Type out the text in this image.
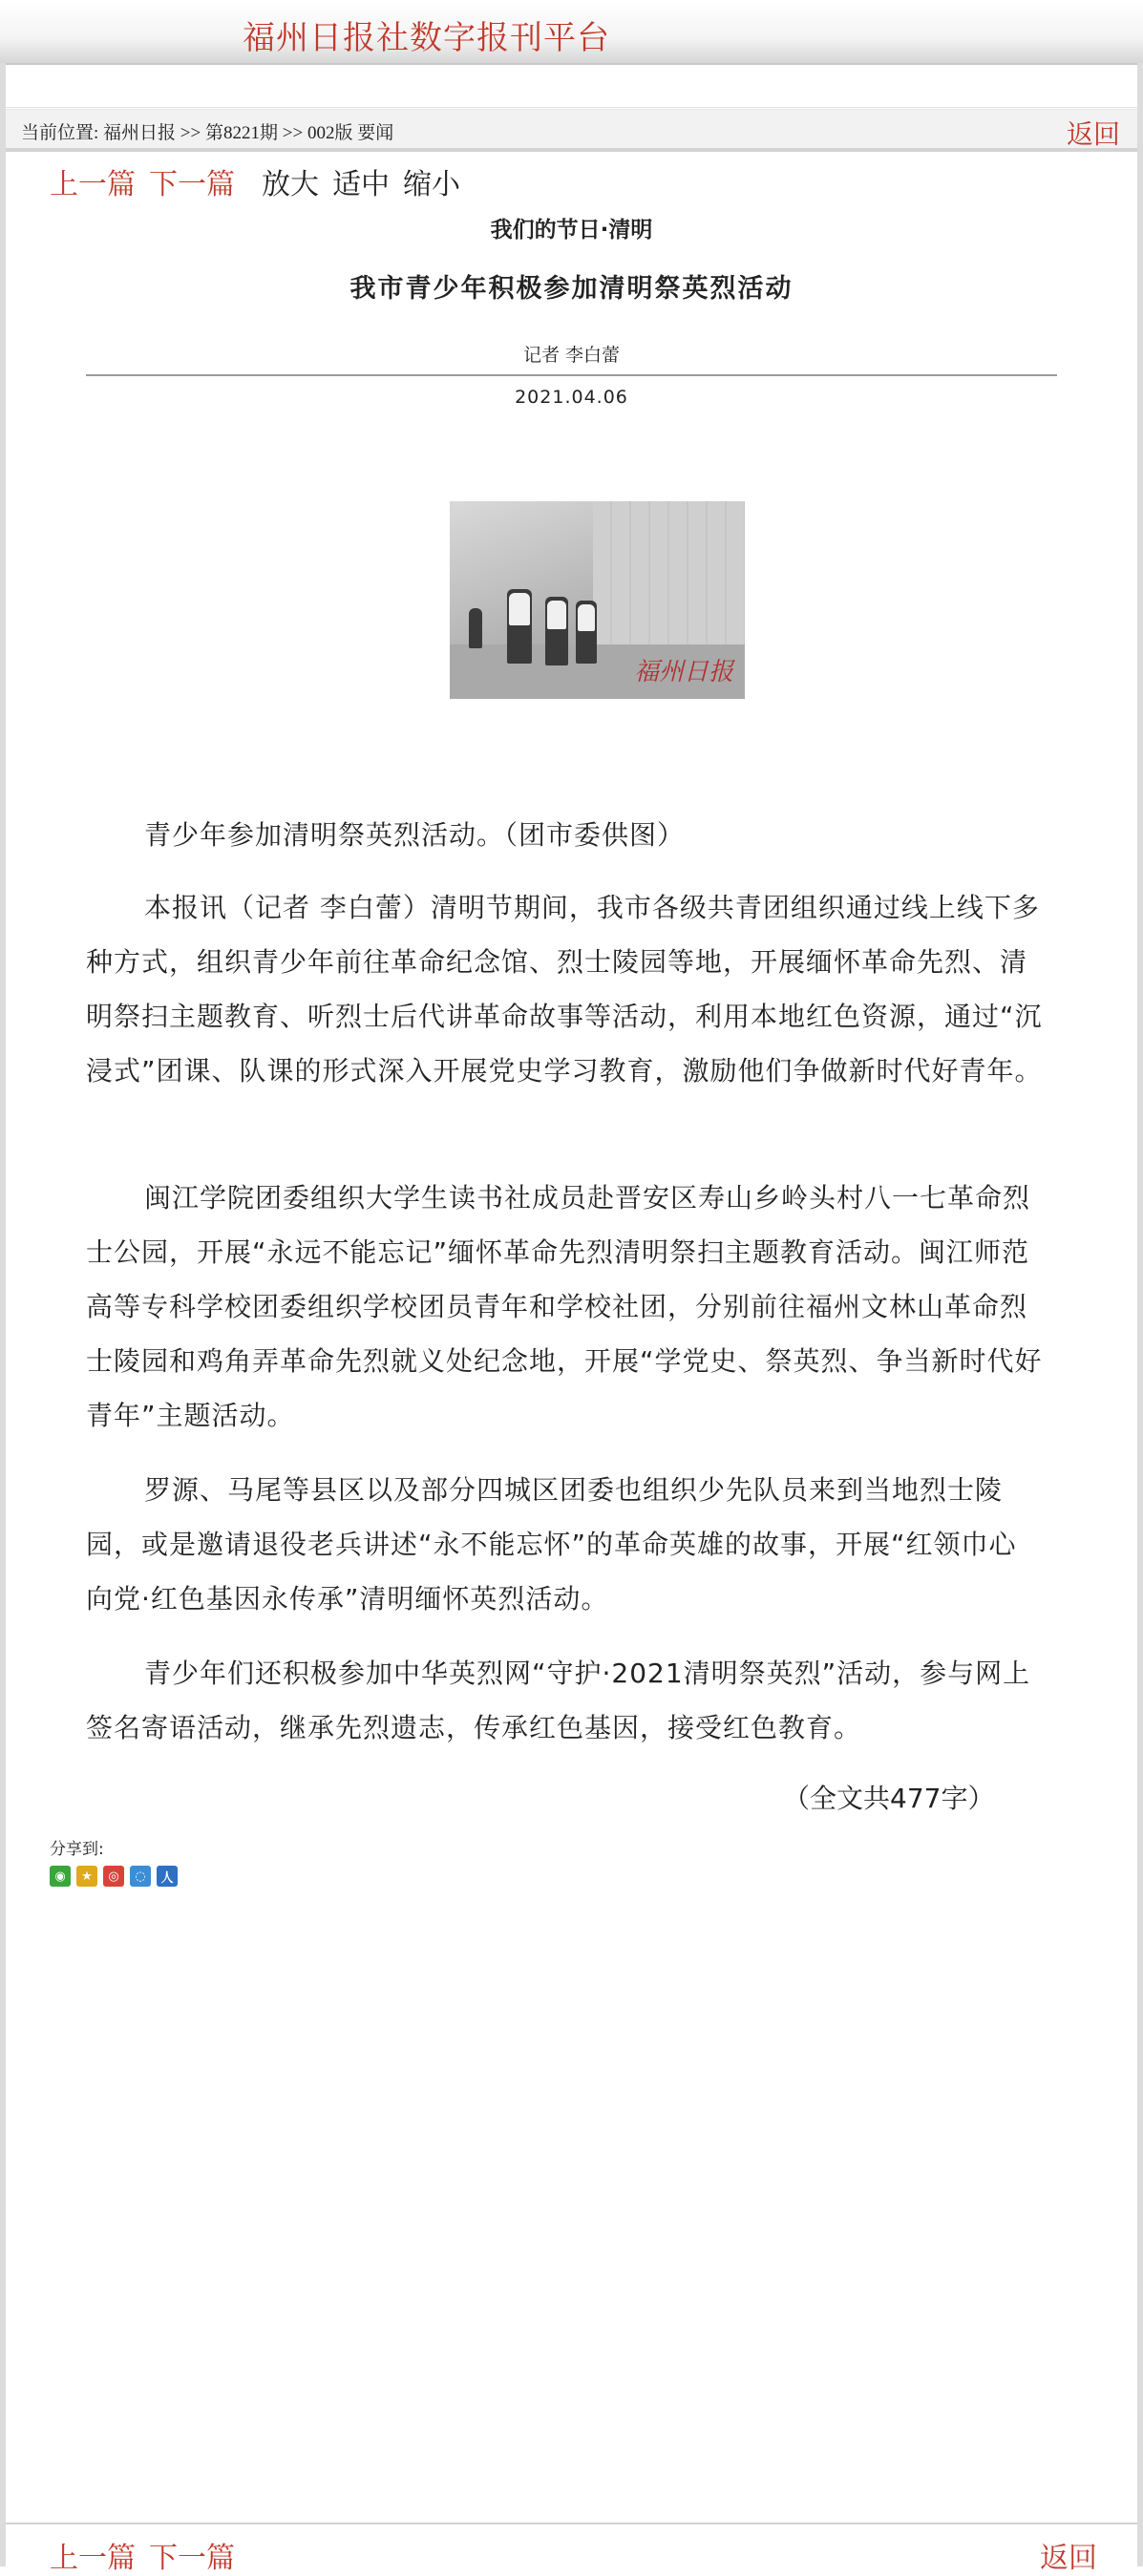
福州日报社数字报刊平台
当前位置: 福州日报 >> 第8221期 >> 002版 要闻	返回
上一篇 下一篇 放大 适中 缩小
我们的节日·清明
我市青少年积极参加清明祭英烈活动
记者 李白蕾
2021.04.06
福州日报

青少年参加清明祭英烈活动。（团市委供图）

本报讯（记者 李白蕾）清明节期间，我市各级共青团组织通过线上线下多种方式，组织青少年前往革命纪念馆、烈士陵园等地，开展缅怀革命先烈、清明祭扫主题教育、听烈士后代讲革命故事等活动，利用本地红色资源，通过“沉浸式”团课、队课的形式深入开展党史学习教育，激励他们争做新时代好青年。

闽江学院团委组织大学生读书社成员赴晋安区寿山乡岭头村八一七革命烈士公园，开展“永远不能忘记”缅怀革命先烈清明祭扫主题教育活动。闽江师范高等专科学校团委组织学校团员青年和学校社团，分别前往福州文林山革命烈士陵园和鸡角弄革命先烈就义处纪念地，开展“学党史、祭英烈、争当新时代好青年”主题活动。

罗源、马尾等县区以及部分四城区团委也组织少先队员来到当地烈士陵园，或是邀请退役老兵讲述“永不能忘怀”的革命英雄的故事，开展“红领巾心向党·红色基因永传承”清明缅怀英烈活动。

青少年们还积极参加中华英烈网“守护·2021清明祭英烈”活动，参与网上签名寄语活动，继承先烈遗志，传承红色基因，接受红色教育。

（全文共477字）
分享到:
◉	★	◎	◌	人
上一篇 下一篇	返回
